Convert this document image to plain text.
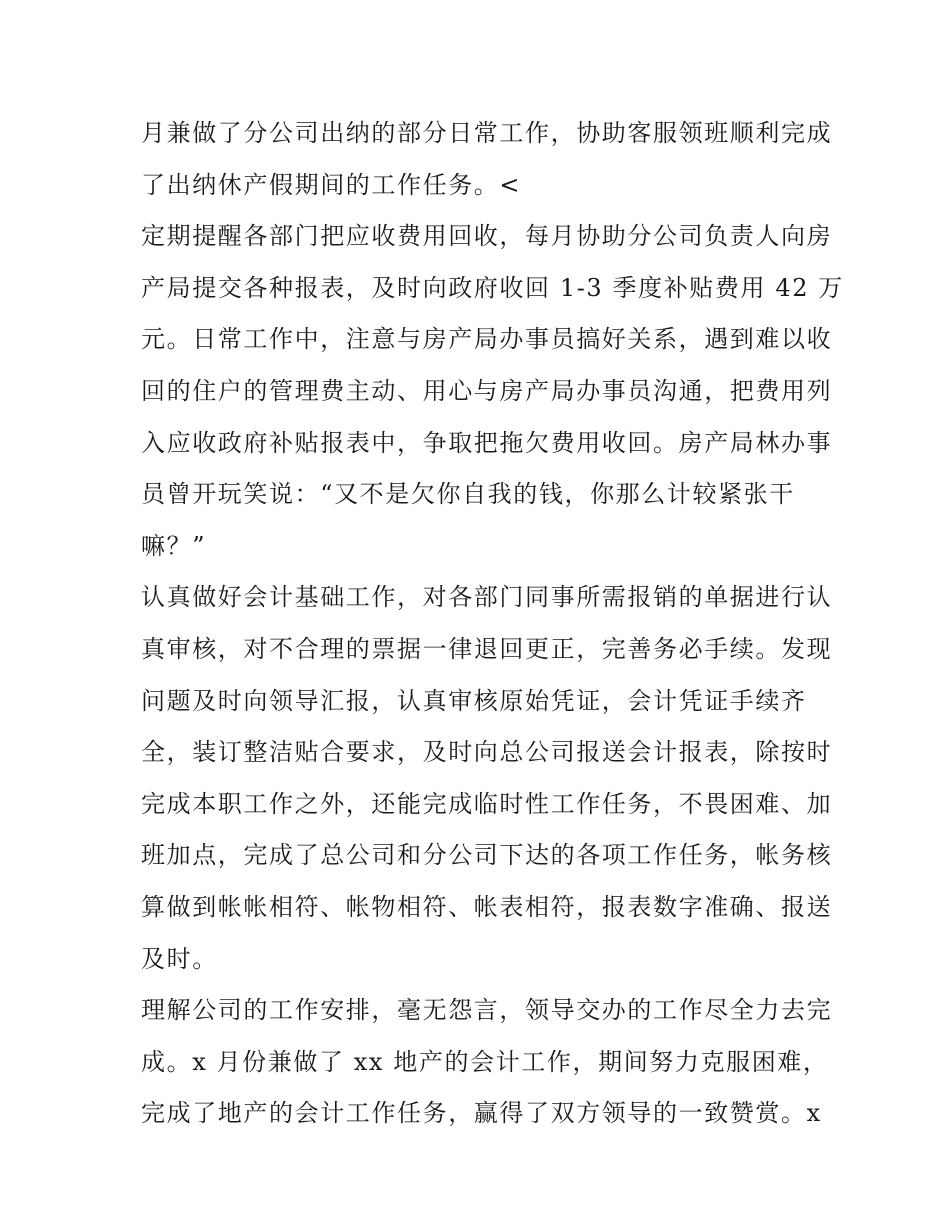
月兼做了分公司出纳的部分日常工作，协助客服领班顺利完成
了出纳休产假期间的工作任务。<
定期提醒各部门把应收费用回收，每月协助分公司负责人向房
产局提交各种报表，及时向政府收回 1-3 季度补贴费用 42 万
元。日常工作中，注意与房产局办事员搞好关系，遇到难以收
回的住户的管理费主动、用心与房产局办事员沟通，把费用列
入应收政府补贴报表中，争取把拖欠费用收回。房产局林办事
员曾开玩笑说：“又不是欠你自我的钱，你那么计较紧张干
嘛？”
认真做好会计基础工作，对各部门同事所需报销的单据进行认
真审核，对不合理的票据一律退回更正，完善务必手续。发现
问题及时向领导汇报，认真审核原始凭证，会计凭证手续齐
全，装订整洁贴合要求，及时向总公司报送会计报表，除按时
完成本职工作之外，还能完成临时性工作任务，不畏困难、加
班加点，完成了总公司和分公司下达的各项工作任务，帐务核
算做到帐帐相符、帐物相符、帐表相符，报表数字准确、报送
及时。
理解公司的工作安排，毫无怨言，领导交办的工作尽全力去完
成。x 月份兼做了 xx 地产的会计工作，期间努力克服困难，
完成了地产的会计工作任务，赢得了双方领导的一致赞赏。x
